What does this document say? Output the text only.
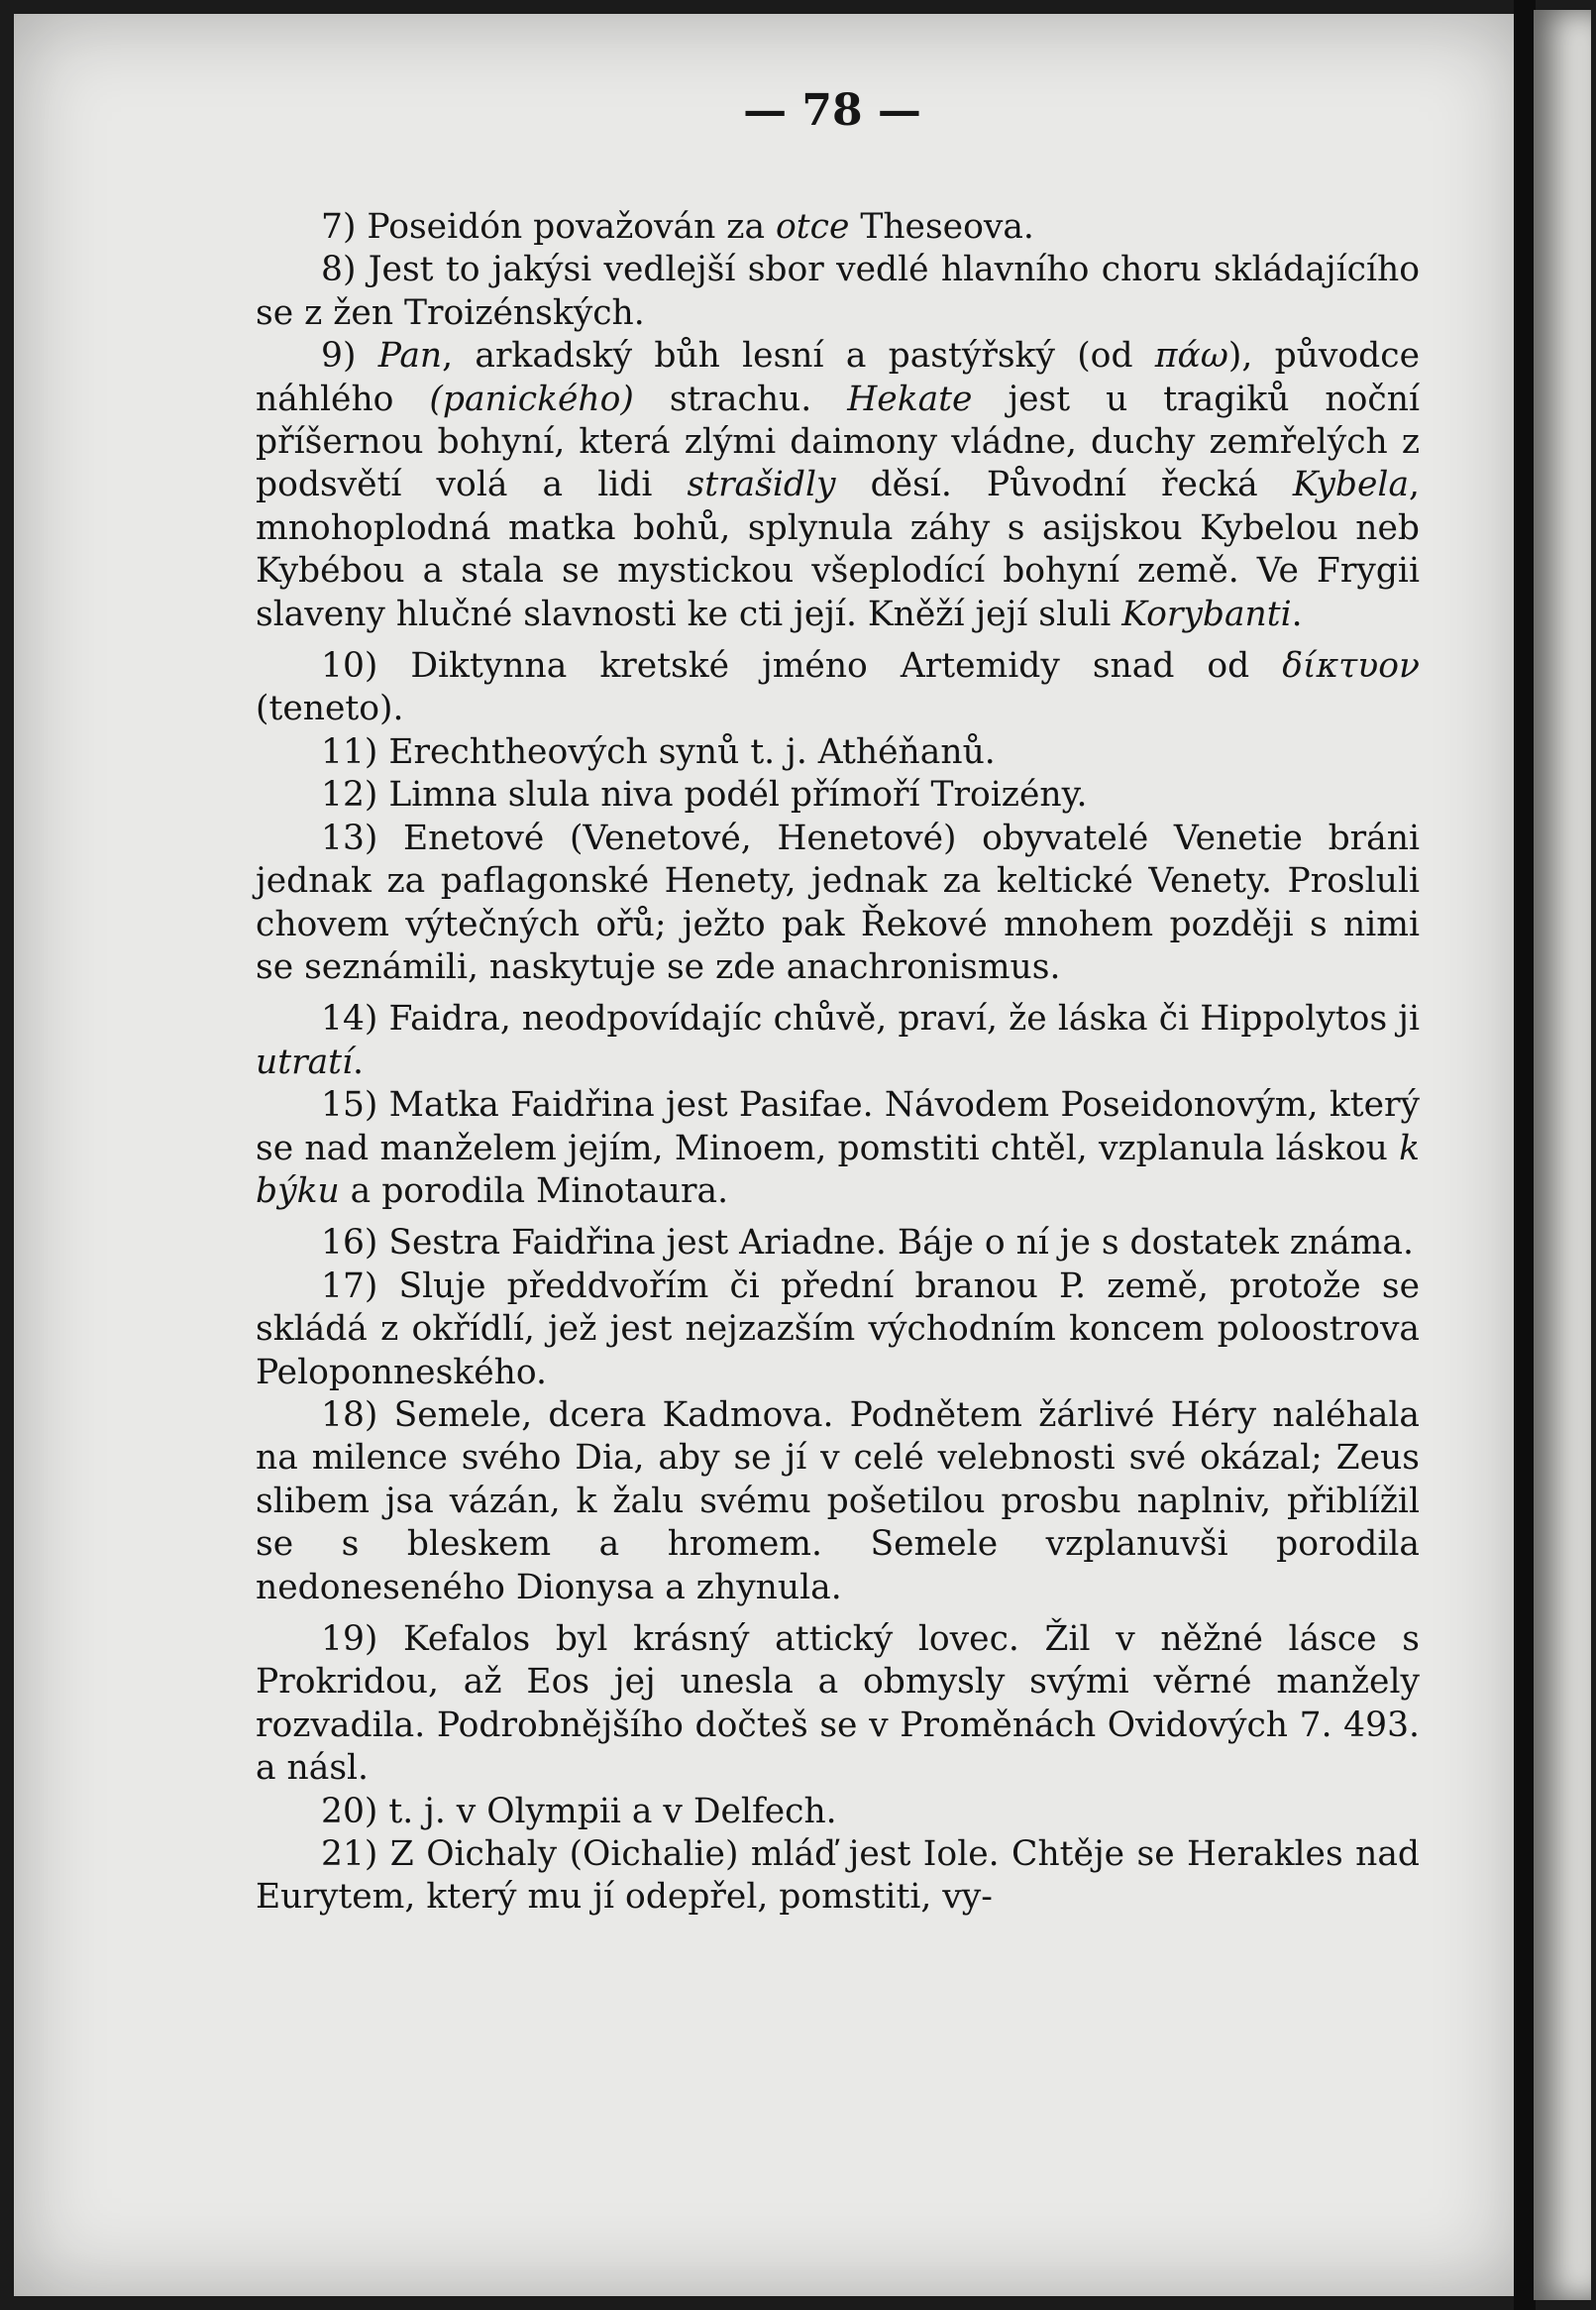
— 78 —

7) Poseidón považován za otce Theseova.

8) Jest to jakýsi vedlejší sbor vedlé hlavního choru skládajícího se z žen Troizénských.

9) Pan, arkadský bůh lesní a pastýřský (od πάω), původce náhlého (panického) strachu. Hekate jest u tragiků noční příšernou bohyní, která zlými daimony vládne, duchy zemřelých z podsvětí volá a lidi strašidly děsí. Původní řecká Kybela, mnohoplodná matka bohů, splynula záhy s asijskou Kybelou neb Kybébou a stala se mystickou všeplodící bohyní země. Ve Frygii slaveny hlučné slavnosti ke cti její. Kněží její sluli Korybanti.

10) Diktynna kretské jméno Artemidy snad od δίκτυον (teneto).

11) Erechtheových synů t. j. Athéňanů.

12) Limna slula niva podél přímoří Troizény.

13) Enetové (Venetové, Henetové) obyvatelé Venetie bráni jednak za paflagonské Henety, jednak za keltické Venety. Prosluli chovem výtečných ořů; ježto pak Řekové mnohem později s nimi se seznámili, naskytuje se zde anachronismus.

14) Faidra, neodpovídajíc chůvě, praví, že láska či Hippolytos ji utratí.

15) Matka Faidřina jest Pasifae. Návodem Poseidonovým, který se nad manželem jejím, Minoem, pomstiti chtěl, vzplanula láskou k býku a porodila Minotaura.

16) Sestra Faidřina jest Ariadne. Báje o ní je s dostatek známa.

17) Sluje předdvořím či přední branou P. země, protože se skládá z okřídlí, jež jest nejzazším východním koncem poloostrova Peloponneského.

18) Semele, dcera Kadmova. Podnětem žárlivé Héry naléhala na milence svého Dia, aby se jí v celé velebnosti své okázal; Zeus slibem jsa vázán, k žalu svému pošetilou prosbu naplniv, přiblížil se s bleskem a hromem. Semele vzplanuvši porodila nedoneseného Dionysa a zhynula.

19) Kefalos byl krásný attický lovec. Žil v něžné lásce s Prokridou, až Eos jej unesla a obmysly svými věrné manžely rozvadila. Podrobnějšího dočteš se v Proměnách Ovidových 7. 493. a násl.

20) t. j. v Olympii a v Delfech.

21) Z Oichaly (Oichalie) mláď jest Iole. Chtěje se Herakles nad Eurytem, který mu jí odepřel, pomstiti, vy-
